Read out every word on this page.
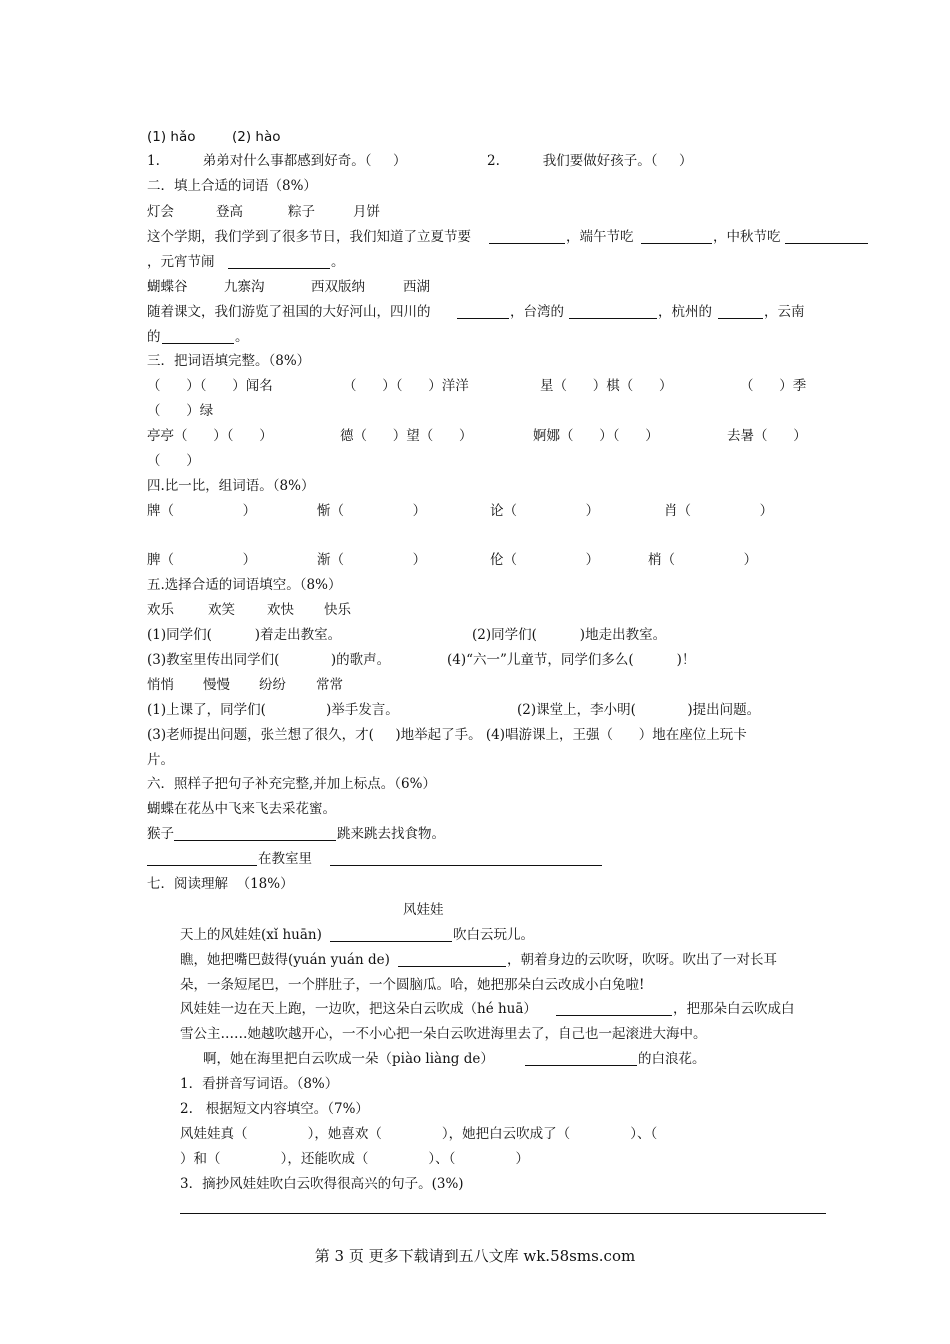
(1) hǎo	(2) hào
1.          弟弟对什么事都感到好奇。（     ）	2.          我们要做好孩子。（     ）
二．填上合适的词语（8%）
灯会	登高	粽子	月饼
这个学期，我们学到了很多节日，我们知道了立夏节要	，端午节吃	，中秋节吃
，元宵节闹	。
蝴蝶谷	九寨沟	西双版纳	西湖
随着课文，我们游览了祖国的大好河山，四川的	，台湾的	，杭州的	，云南
的	。
三．把词语填完整。（8%）
（      ）（      ）闻名	（      ）（      ）洋洋	星（      ）棋（      ）	（      ）季
（      ）绿
亭亭（      ）（      ）	德（      ）望（      ）	婀娜（      ）（      ）	去暑（      ）
（      ）
四.比一比，组词语。（8%）
牌（                ）	惭（                ）	论（                ）	肖（                ）
脾（                ）	渐（                ）	伦（                ）	梢（                ）
五.选择合适的词语填空。（8%）
欢乐	欢笑 欢快 快乐
(1)同学们(          )着走出教室。	(2)同学们(          )地走出教室。
(3)教室里传出同学们(            )的歌声。	(4)“六一”儿童节，同学们多么(          )！
悄悄 慢慢 纷纷 常常
(1)上课了，同学们(              )举手发言。	(2)课堂上，李小明(            )提出问题。
(3)老师提出问题，张兰想了很久，才(     )地举起了手。 (4)唱游课上，王强（      ）地在座位上玩卡
片。
六．照样子把句子补充完整,并加上标点。（6%）
蝴蝶在花丛中飞来飞去采花蜜。
猴子	跳来跳去找食物。
在教室里
七．阅读理解  （18%）
风娃娃
天上的风娃娃(xǐ huān)	吹白云玩儿。
瞧，她把嘴巴鼓得(yuán yuán de)	，朝着身边的云吹呀，吹呀。吹出了一对长耳
朵，一条短尾巴，一个胖肚子，一个圆脑瓜。哈，她把那朵白云改成小白兔啦!
风娃娃一边在天上跑，一边吹，把这朵白云吹成（hé huā）	，把那朵白云吹成白
雪公主……她越吹越开心，一不小心把一朵白云吹进海里去了，自己也一起滚进大海中。
啊，她在海里把白云吹成一朵（piào liàng de）	的白浪花。
1．看拼音写词语。（8%）
2.   根据短文内容填空。（7%）
风娃娃真（              ），她喜欢（              ），她把白云吹成了（              ）、（
）和（              ），还能吹成（              ）、（              ）
3．摘抄风娃娃吹白云吹得很高兴的句子。(3%)
第 3 页 更多下载请到五八文库 wk.58sms.com
